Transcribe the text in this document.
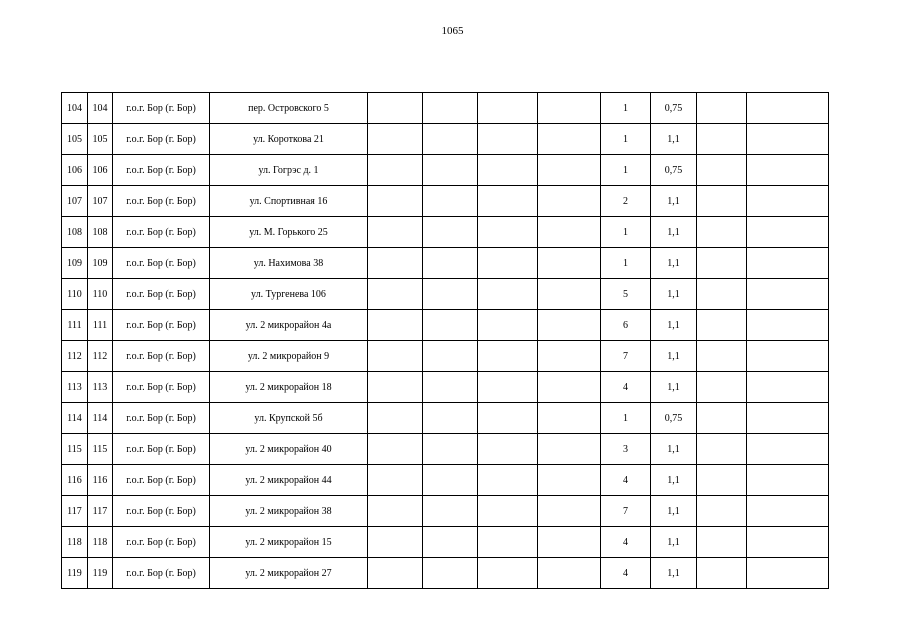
1065
104	104	г.о.г. Бор (г. Бор)	пер. Островского 5					1	0,75		
105	105	г.о.г. Бор (г. Бор)	ул. Короткова 21					1	1,1		
106	106	г.о.г. Бор (г. Бор)	ул. Гогрэс д. 1					1	0,75		
107	107	г.о.г. Бор (г. Бор)	ул. Спортивная 16					2	1,1		
108	108	г.о.г. Бор (г. Бор)	ул. М. Горького 25					1	1,1		
109	109	г.о.г. Бор (г. Бор)	ул. Нахимова 38					1	1,1		
110	110	г.о.г. Бор (г. Бор)	ул. Тургенева 106					5	1,1		
111	111	г.о.г. Бор (г. Бор)	ул. 2 микрорайон 4а					6	1,1		
112	112	г.о.г. Бор (г. Бор)	ул. 2 микрорайон 9					7	1,1		
113	113	г.о.г. Бор (г. Бор)	ул. 2 микрорайон 18					4	1,1		
114	114	г.о.г. Бор (г. Бор)	ул. Крупской 5б					1	0,75		
115	115	г.о.г. Бор (г. Бор)	ул. 2 микрорайон 40					3	1,1		
116	116	г.о.г. Бор (г. Бор)	ул. 2 микрорайон 44					4	1,1		
117	117	г.о.г. Бор (г. Бор)	ул. 2 микрорайон 38					7	1,1		
118	118	г.о.г. Бор (г. Бор)	ул. 2 микрорайон 15					4	1,1		
119	119	г.о.г. Бор (г. Бор)	ул. 2 микрорайон 27					4	1,1		
